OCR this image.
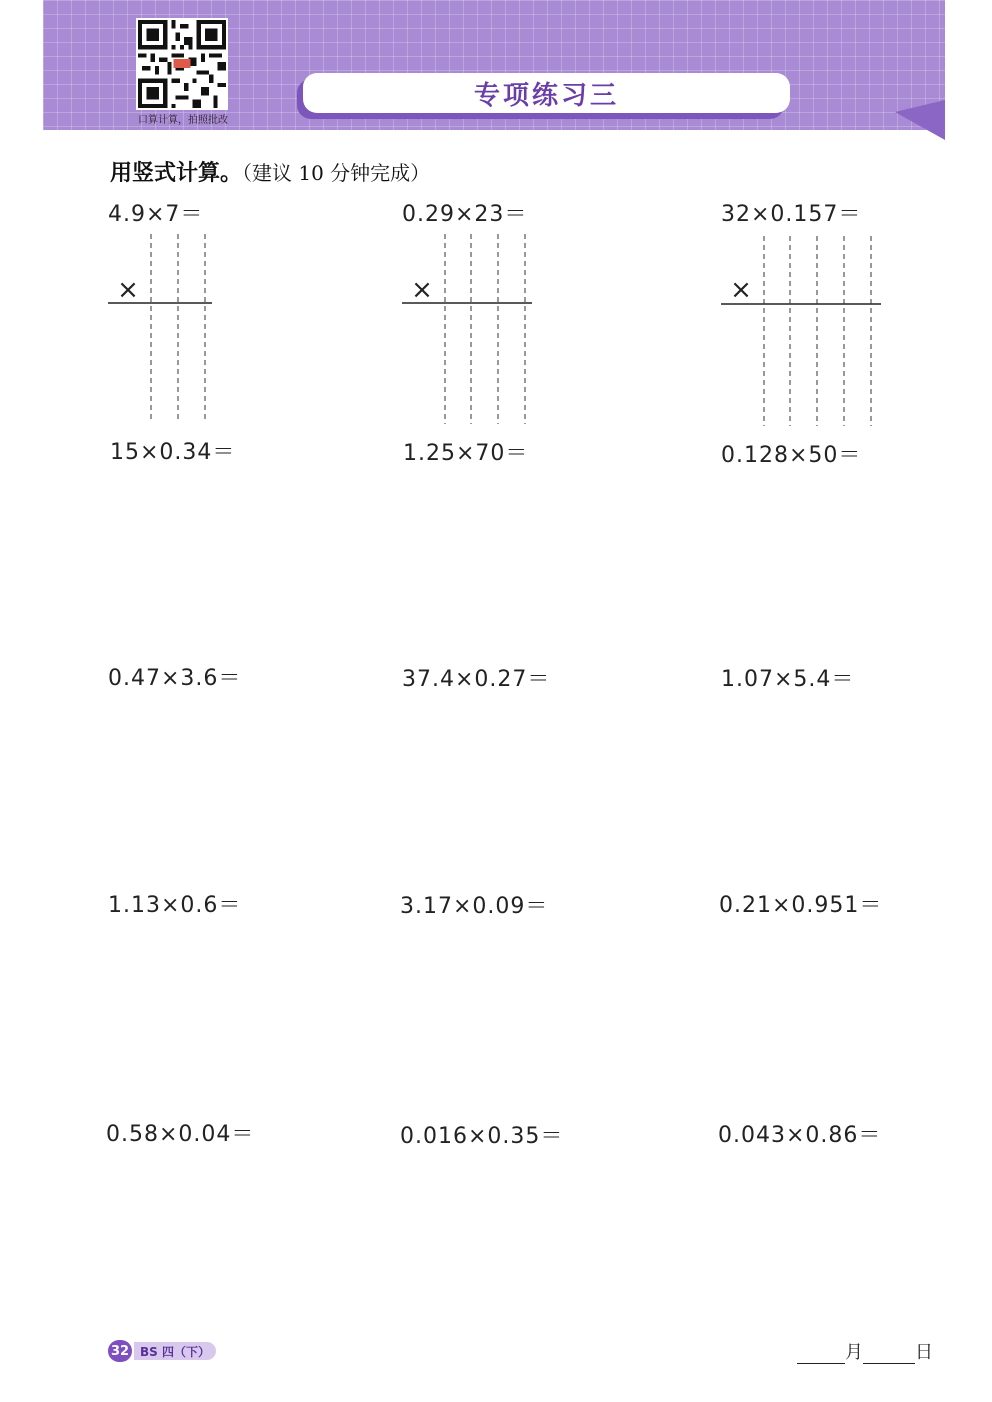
口算计算，拍照批改
专项练习三
用竖式计算。（建议 10 分钟完成）
4.9×7＝	0.29×23＝	32×0.157＝
×	×	×
15×0.34＝	1.25×70＝	0.128×50＝
0.47×3.6＝	37.4×0.27＝	1.07×5.4＝
1.13×0.6＝	3.17×0.09＝	0.21×0.951＝
0.58×0.04＝	0.016×0.35＝	0.043×0.86＝
32 BS 四（下）	月	日
